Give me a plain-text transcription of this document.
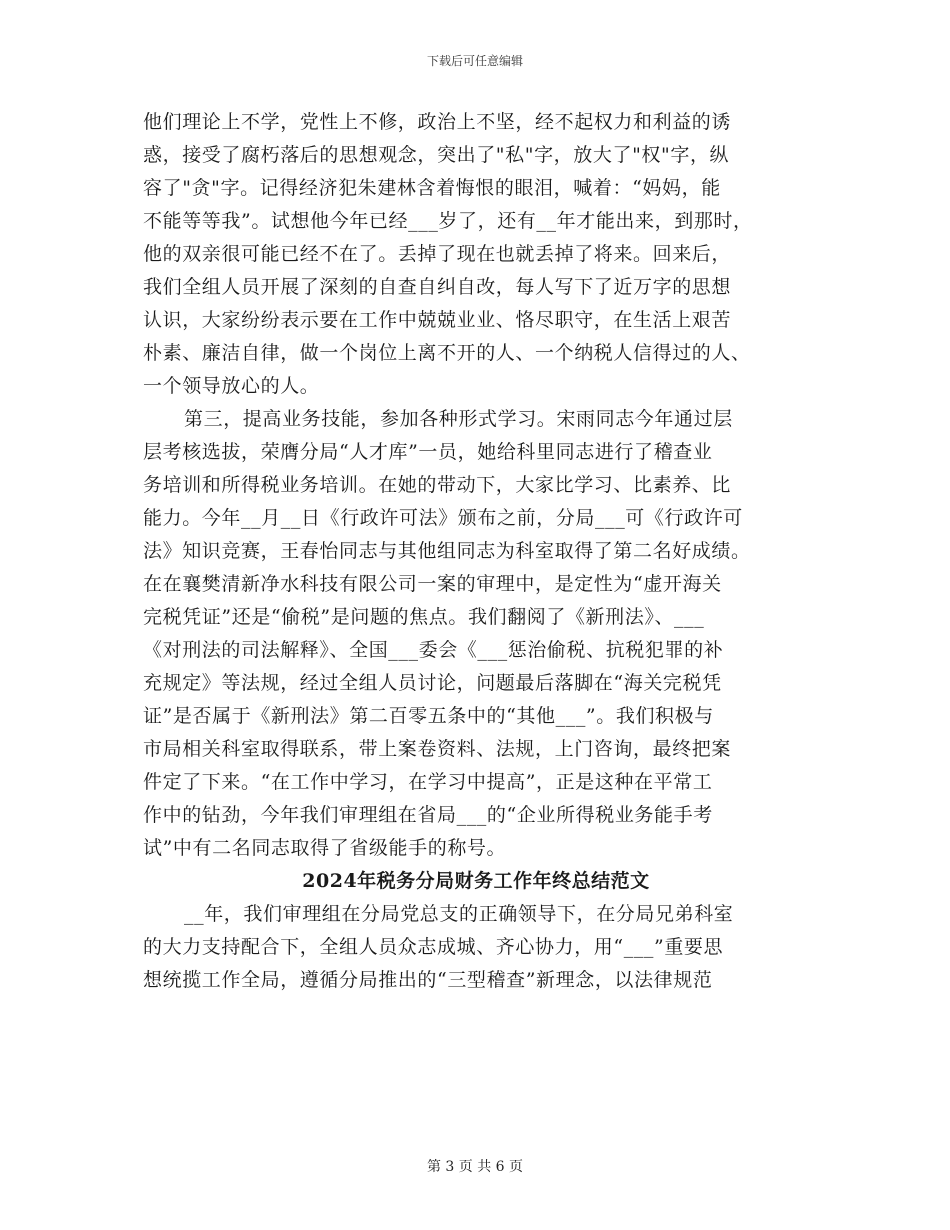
下载后可任意编辑
他们理论上不学，党性上不修，政治上不坚，经不起权力和利益的诱
惑，接受了腐朽落后的思想观念，突出了"私"字，放大了"权"字，纵
容了"贪"字。记得经济犯朱建林含着悔恨的眼泪，喊着：“妈妈，能
不能等等我”。试想他今年已经___岁了，还有__年才能出来，到那时，
他的双亲很可能已经不在了。丢掉了现在也就丢掉了将来。回来后，
我们全组人员开展了深刻的自查自纠自改，每人写下了近万字的思想
认识，大家纷纷表示要在工作中兢兢业业、恪尽职守，在生活上艰苦
朴素、廉洁自律，做一个岗位上离不开的人、一个纳税人信得过的人、
一个领导放心的人。
第三，提高业务技能，参加各种形式学习。宋雨同志今年通过层
层考核选拔，荣膺分局“人才库”一员，她给科里同志进行了稽查业
务培训和所得税业务培训。在她的带动下，大家比学习、比素养、比
能力。今年__月__日《行政许可法》颁布之前，分局___可《行政许可
法》知识竞赛，王春怡同志与其他组同志为科室取得了第二名好成绩。
在在襄樊清新净水科技有限公司一案的审理中，是定性为“虚开海关
完税凭证”还是“偷税”是问题的焦点。我们翻阅了《新刑法》、___
《对刑法的司法解释》、全国___委会《___惩治偷税、抗税犯罪的补
充规定》等法规，经过全组人员讨论，问题最后落脚在“海关完税凭
证”是否属于《新刑法》第二百零五条中的“其他___”。我们积极与
市局相关科室取得联系，带上案卷资料、法规，上门咨询，最终把案
件定了下来。“在工作中学习，在学习中提高”，正是这种在平常工
作中的钻劲，今年我们审理组在省局___的“企业所得税业务能手考
试”中有二名同志取得了省级能手的称号。
2024年税务分局财务工作年终总结范文
__年，我们审理组在分局党总支的正确领导下，在分局兄弟科室
的大力支持配合下，全组人员众志成城、齐心协力，用“___”重要思
想统揽工作全局，遵循分局推出的“三型稽查”新理念，以法律规范
第 3 页 共 6 页
